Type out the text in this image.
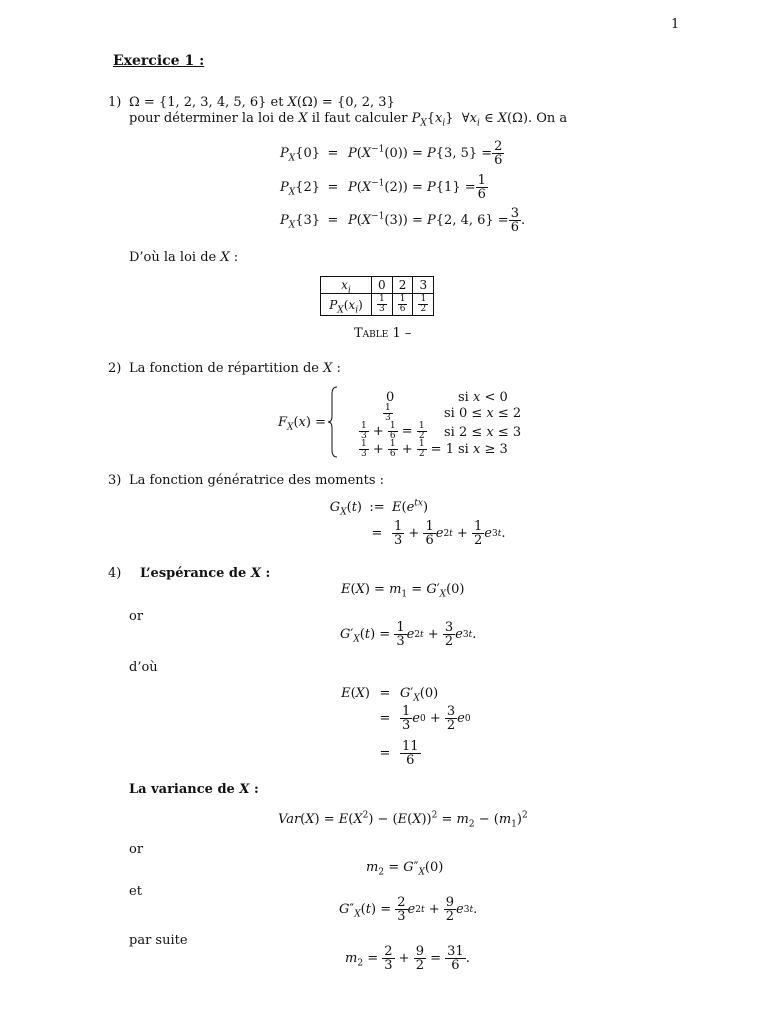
1
Exercice 1 :
1) Ω = {1, 2, 3, 4, 5, 6} et X(Ω) = {0, 2, 3}
pour déterminer la loi de X il faut calculer $P_X\{x_i\}$  $\forall x_i$ ∈ X(Ω). On a
$P_X\{0\} = P(X^{-1}(0)) = P\{3$, $5\} = \frac{2}{6}$
$P_X\{2\} = P(X^{-1}(2)) = P\{1\} = \frac{1}{6}$
$P_X\{3\} = P(X^{-1}(3)) = P\{2$, 4, $6\} = \frac{3}{6}$ .
D’où la loi de X :
$x_i$	0	2	3
$P_X(x_i)$	$\frac{1}{3}$	$\frac{1}{6}$	$\frac{1}{2}$
Table 1 –
2) La fonction de répartition de X :
$F_X(x)$ =
0	si x < 0
$\frac{1}{3}$	si 0 ≤ x ≤ 2
$\frac{1}{3} + \frac{1}{6} = \frac{1}{2}$ si 2 ≤ x ≤ 3
$\frac{1}{3} + \frac{1}{6} + \frac{1}{2} = 1$ si x ≥ 3
3) La fonction génératrice des moments :
$G_X(t)$ := $E(e^{tx})$
= $\frac{1}{3} + \frac{1}{6}$ e $2t + \frac{1}{2}$ e 3t .
4) L’espérance de X :
$E(X) = m_1 = G'_X(0)$
or
$G'_X(t)$ =
$\frac{1}{3}$ e $2t + \frac{3}{2}$ e 3t .
d’où
$E(X) = G'_X(0)$
= $\frac{1}{3}$ e $0 + \frac{3}{2}$ e 0
= $\frac{11}{6}$
La variance de X :
$Var(X) = E(X^2) - (E(X))^2 = m_2 - (m_1)^2$
or
$m_2 = G''_X(0)$
et
$G''_X(t)$ =
$\frac{2}{3}$ e $2t + \frac{9}{2}$ e 3t .
par suite
$m_2$ =
$\frac{2}{3} + \frac{9}{2} = \frac{31}{6}$ .
